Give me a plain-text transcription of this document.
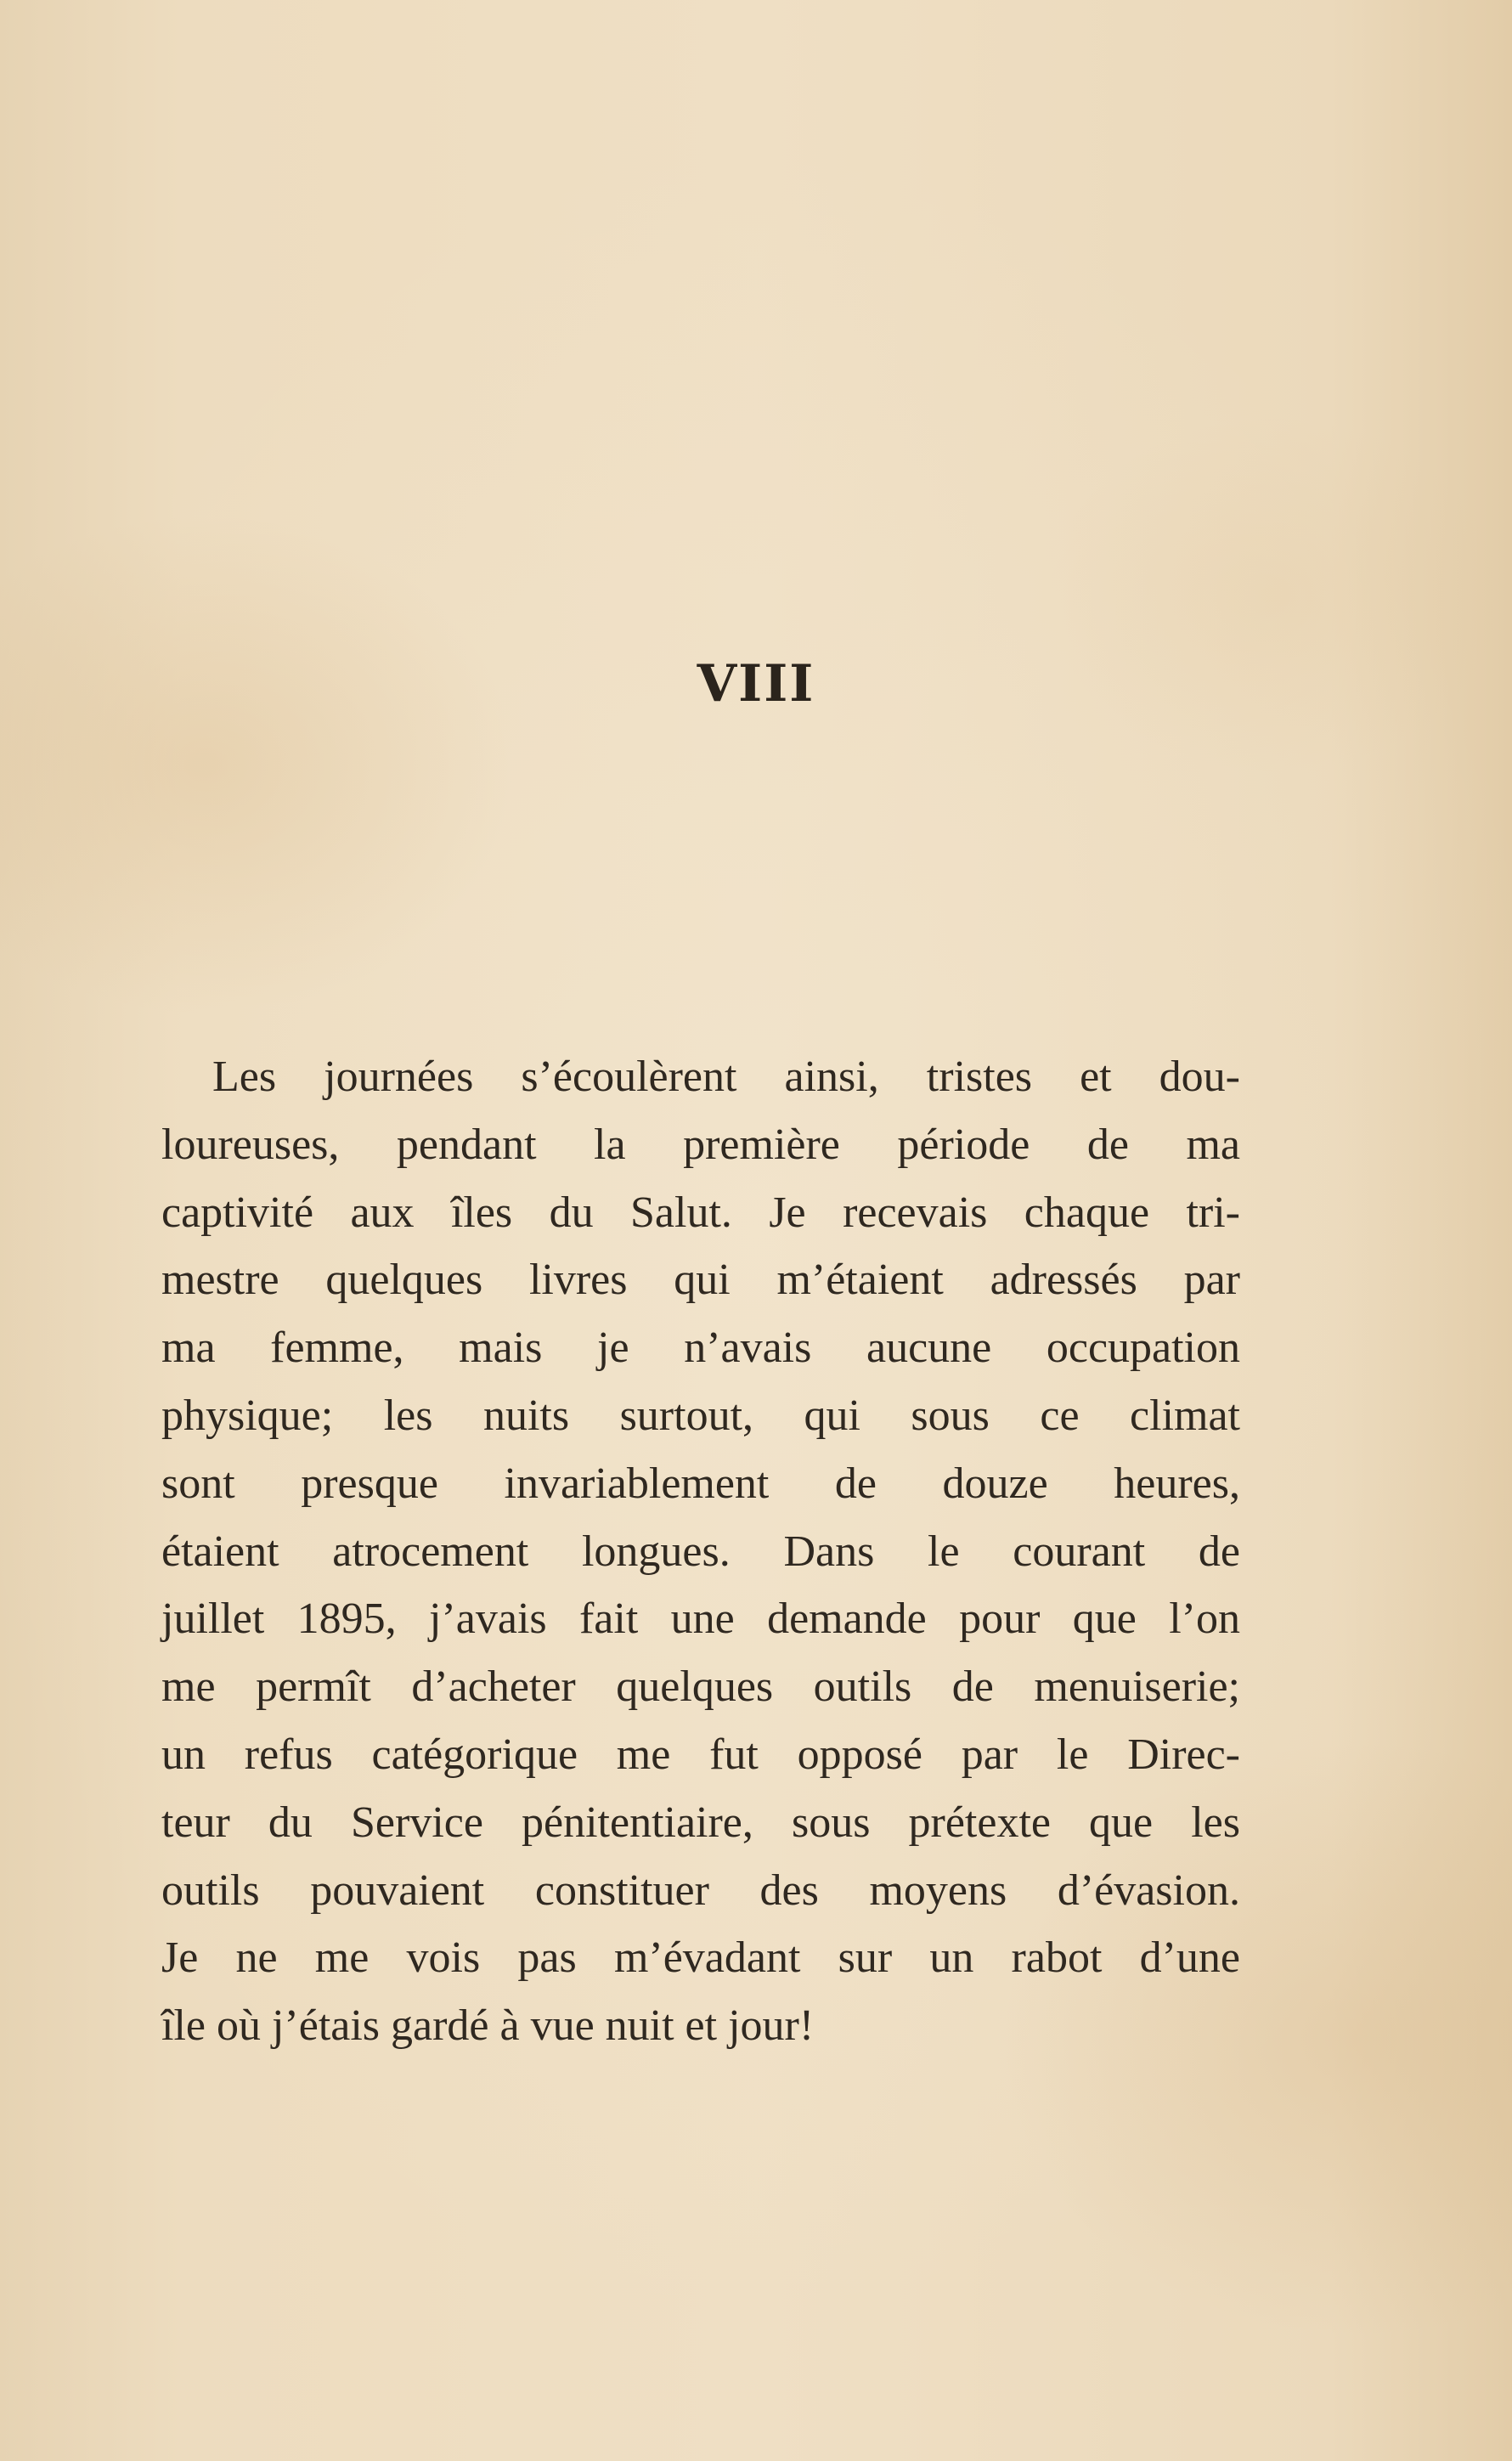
VIII
Les journées s’écoulèrent ainsi, tristes et dou-
loureuses, pendant la première période de ma
captivité aux îles du Salut. Je recevais chaque tri-
mestre quelques livres qui m’étaient adressés par
ma femme, mais je n’avais aucune occupation
physique; les nuits surtout, qui sous ce climat
sont presque invariablement de douze heures,
étaient atrocement longues. Dans le courant de
juillet 1895, j’avais fait une demande pour que l’on
me permît d’acheter quelques outils de menuiserie;
un refus catégorique me fut opposé par le Direc-
teur du Service pénitentiaire, sous prétexte que les
outils pouvaient constituer des moyens d’évasion.
Je ne me vois pas m’évadant sur un rabot d’une
île où j’étais gardé à vue nuit et jour!
